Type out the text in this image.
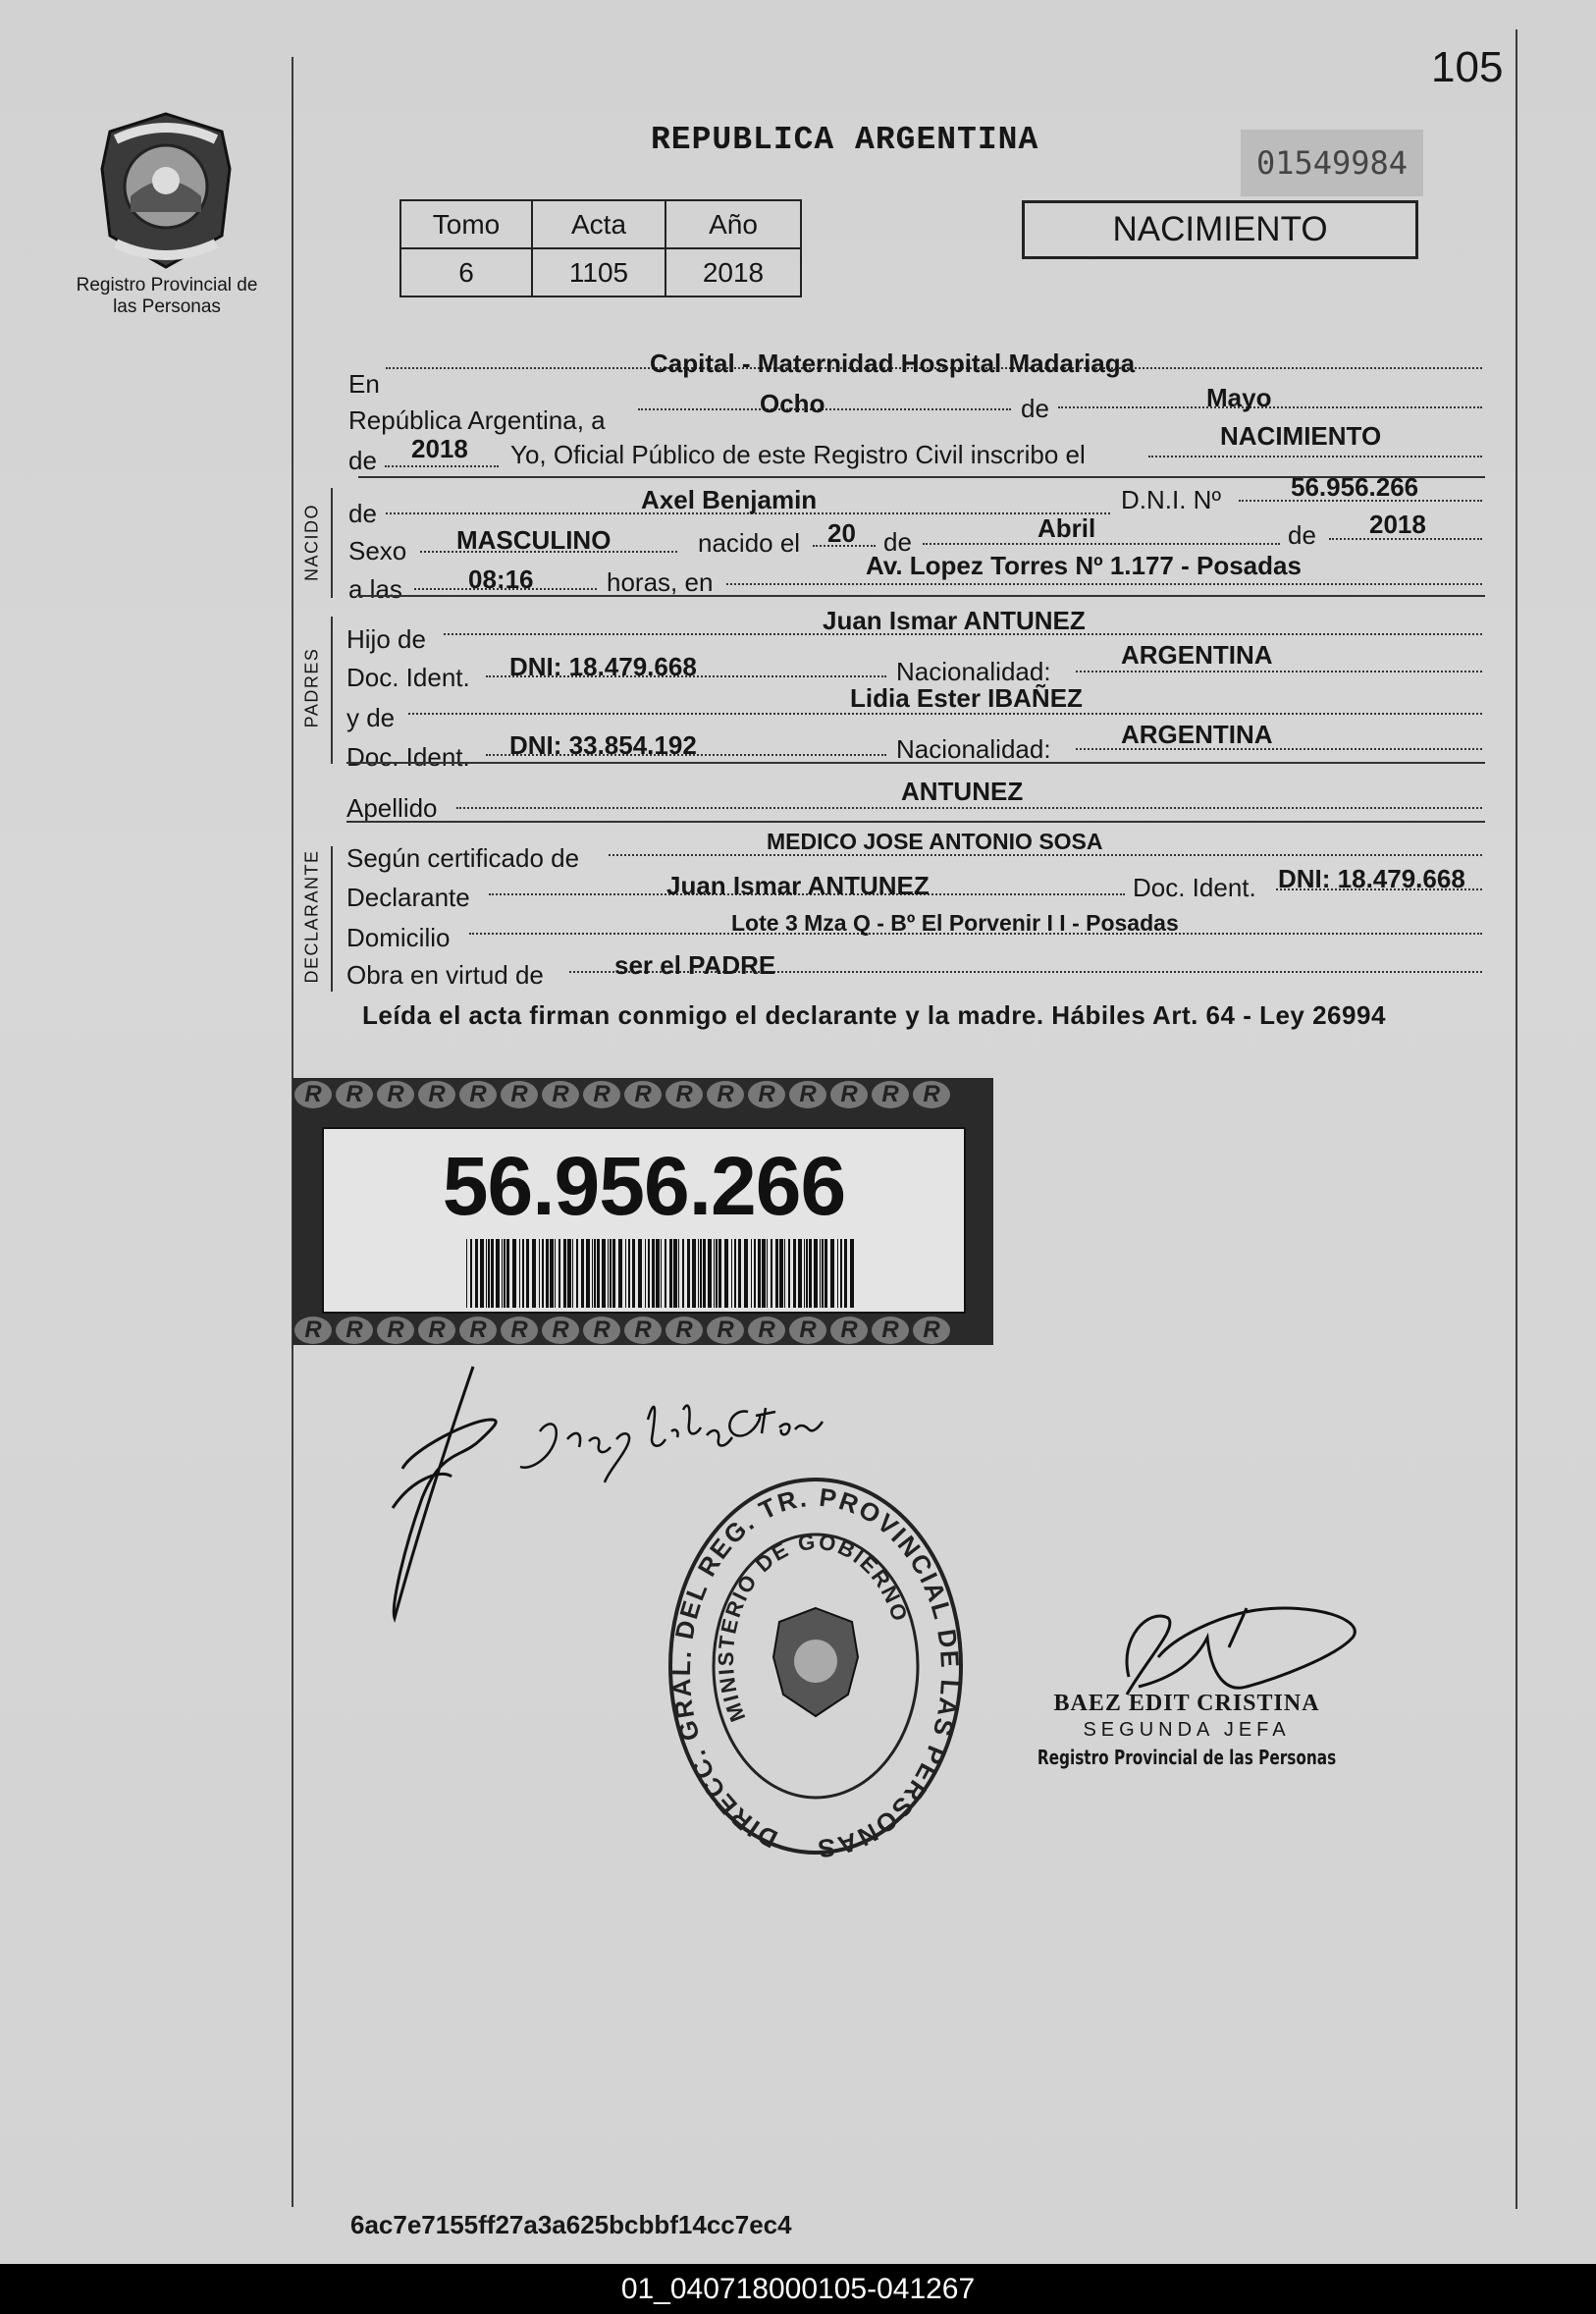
105
Registro Provincial de las Personas
REPUBLICA ARGENTINA
01549984
Tomo	Acta	Año
6	1105	2018
NACIMIENTO
En
Capital - Maternidad Hospital Madariaga
República Argentina, a
Ocho	de	Mayo
de 2018 Yo, Oficial Público de este Registro Civil inscribo el
NACIMIENTO
NACIDO de	Axel Benjamin	D.N.I. Nº	56.956.266
Sexo MASCULINO	nacido el 20 de	Abril	de 2018
a las	08:16	horas, en
Av. Lopez Torres Nº 1.177 - Posadas
PADRES
Hijo de
Juan Ismar ANTUNEZ
Doc. Ident. DNI: 18.479.668	Nacionalidad:
ARGENTINA
y de
Lidia Ester IBAÑEZ
Doc. Ident. DNI: 33.854.192	Nacionalidad:	ARGENTINA
Apellido
ANTUNEZ
DECLARANTE Según certificado de
MEDICO JOSE ANTONIO SOSA
Declarante	Juan Ismar ANTUNEZ	Doc. Ident. DNI: 18.479.668
Domicilio	Lote 3 Mza Q - Bº El Porvenir I I - Posadas
Obra en virtud de	ser el PADRE
Leída el acta firman conmigo el declarante y la madre. Hábiles Art. 64 - Ley 26994
R R R R R R R R R R R R R R R R
R R R R R R R R R R R R R R R R
56.956.266
DIRECC. GRAL. DEL REG. TR. PROVINCIAL DE LAS PERSONAS
MINISTERIO DE GOBIERNO
BAEZ EDIT CRISTINA
SEGUNDA JEFA
Registro Provincial de las Personas
6ac7e7155ff27a3a625bcbbf14cc7ec4
01_040718000105-041267
